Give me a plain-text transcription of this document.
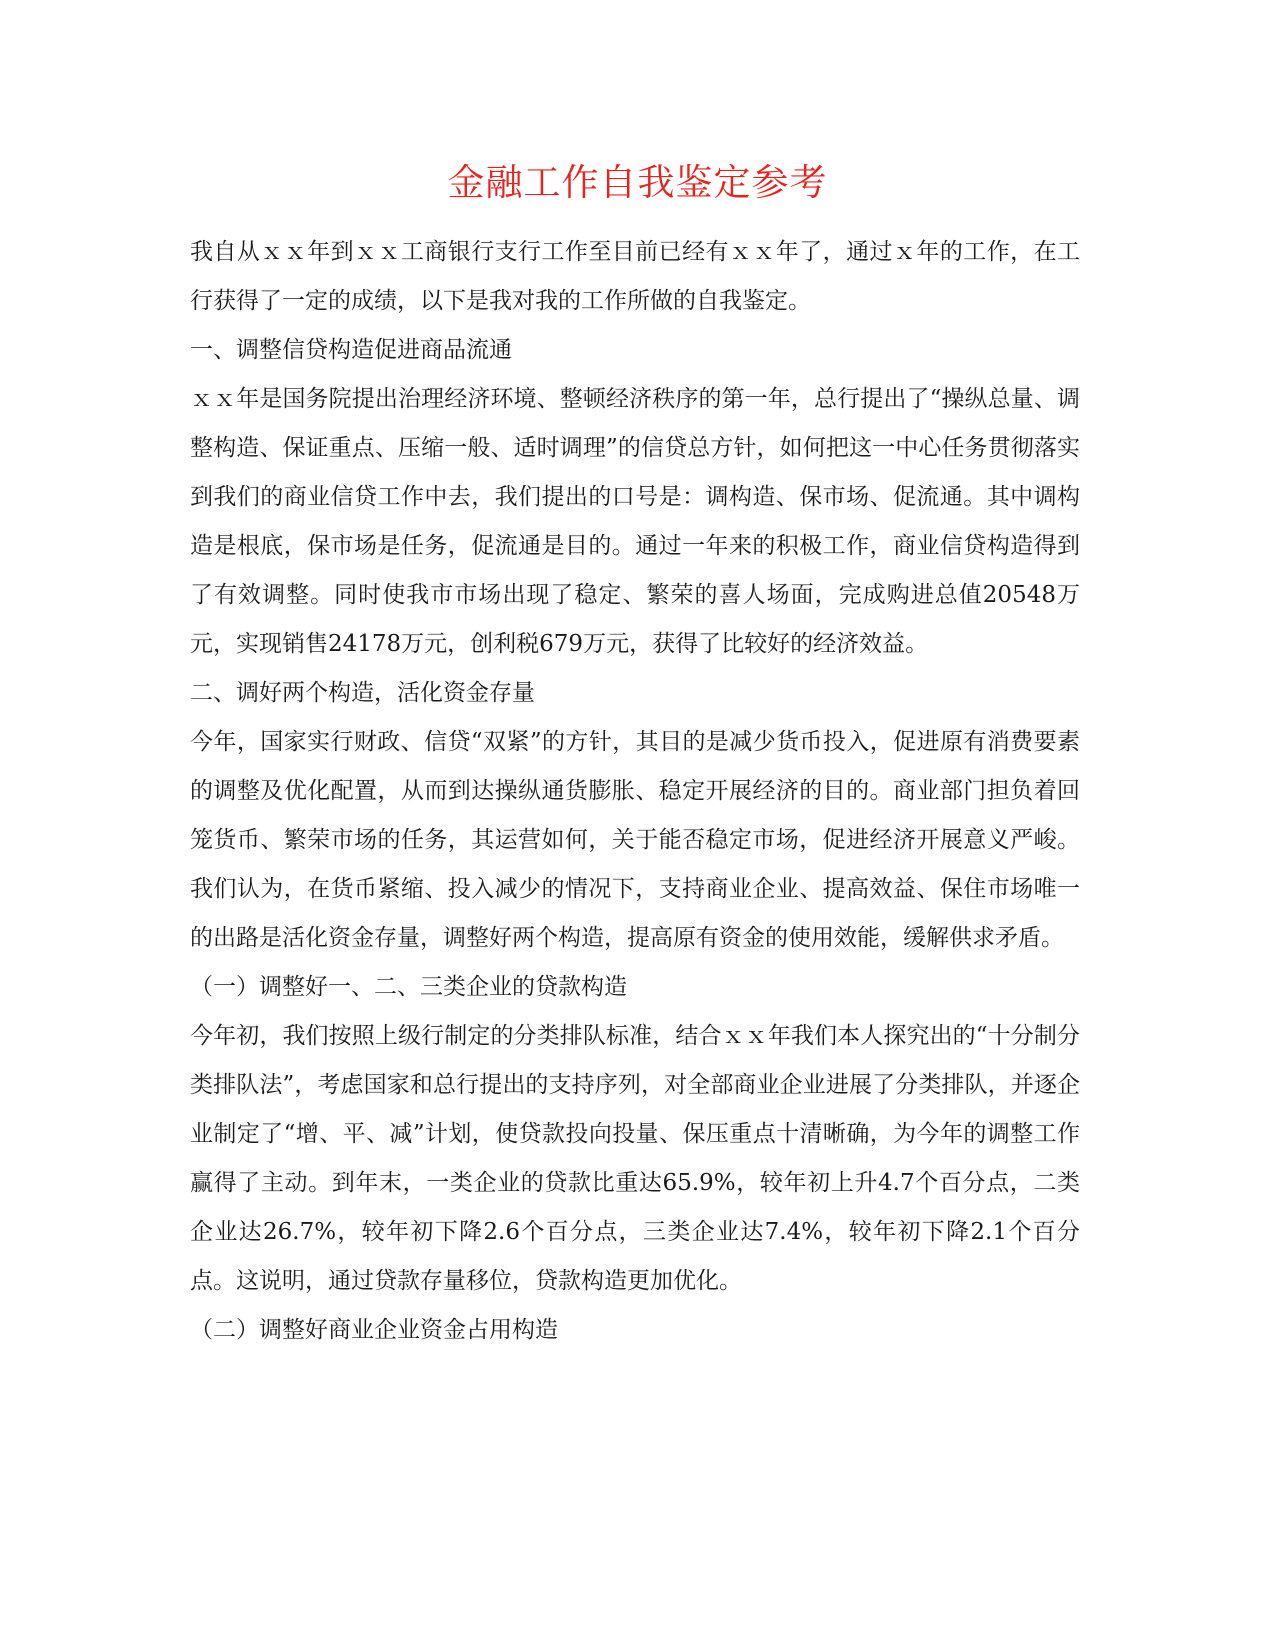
金融工作自我鉴定参考

我自从ｘｘ年到ｘｘ工商银行支行工作至目前已经有ｘｘ年了，通过ｘ年的工作，在工行获得了一定的成绩，以下是我对我的工作所做的自我鉴定。

一、调整信贷构造促进商品流通

ｘｘ年是国务院提出治理经济环境、整顿经济秩序的第一年，总行提出了“操纵总量、调整构造、保证重点、压缩一般、适时调理”的信贷总方针，如何把这一中心任务贯彻落实到我们的商业信贷工作中去，我们提出的口号是：调构造、保市场、促流通。其中调构造是根底，保市场是任务，促流通是目的。通过一年来的积极工作，商业信贷构造得到了有效调整。同时使我市市场出现了稳定、繁荣的喜人场面，完成购进总值20548万元，实现销售24178万元，创利税679万元，获得了比较好的经济效益。

二、调好两个构造，活化资金存量

今年，国家实行财政、信贷“双紧”的方针，其目的是减少货币投入，促进原有消费要素的调整及优化配置，从而到达操纵通货膨胀、稳定开展经济的目的。商业部门担负着回笼货币、繁荣市场的任务，其运营如何，关于能否稳定市场，促进经济开展意义严峻。我们认为，在货币紧缩、投入减少的情况下，支持商业企业、提高效益、保住市场唯一的出路是活化资金存量，调整好两个构造，提高原有资金的使用效能，缓解供求矛盾。

（一）调整好一、二、三类企业的贷款构造

今年初，我们按照上级行制定的分类排队标准，结合ｘｘ年我们本人探究出的“十分制分类排队法”，考虑国家和总行提出的支持序列，对全部商业企业进展了分类排队，并逐企业制定了“增、平、减”计划，使贷款投向投量、保压重点十清晰确，为今年的调整工作赢得了主动。到年末，一类企业的贷款比重达65.9%，较年初上升4.7个百分点，二类企业达26.7%，较年初下降2.6个百分点，三类企业达7.4%，较年初下降2.1个百分点。这说明，通过贷款存量移位，贷款构造更加优化。

（二）调整好商业企业资金占用构造
